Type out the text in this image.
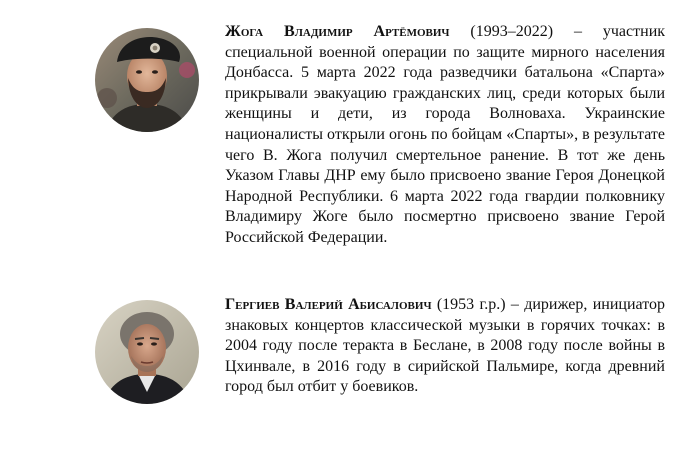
Жога Владимир Артёмович (1993–2022) – участник специальной военной операции по защите мирного населения Донбасса. 5 марта 2022 года разведчики батальона «Спарта» прикрывали эвакуацию гражданских лиц, среди которых были женщины и дети, из города Волноваха. Украинские националисты открыли огонь по бойцам «Спарты», в результате чего В. Жога получил смертельное ранение. В тот же день Указом Главы ДНР ему было присвоено звание Героя Донецкой Народной Республики. 6 марта 2022 года гвардии полковнику Владимиру Жоге было посмертно присвоено звание Герой Российской Федерации.

Гергиев Валерий Абисалович (1953 г.р.) – дирижер, инициатор знаковых концертов классической музыки в горячих точках: в 2004 году после теракта в Беслане, в 2008 году после войны в Цхинвале, в 2016 году в сирийской Пальмире, когда древний город был отбит у боевиков.
